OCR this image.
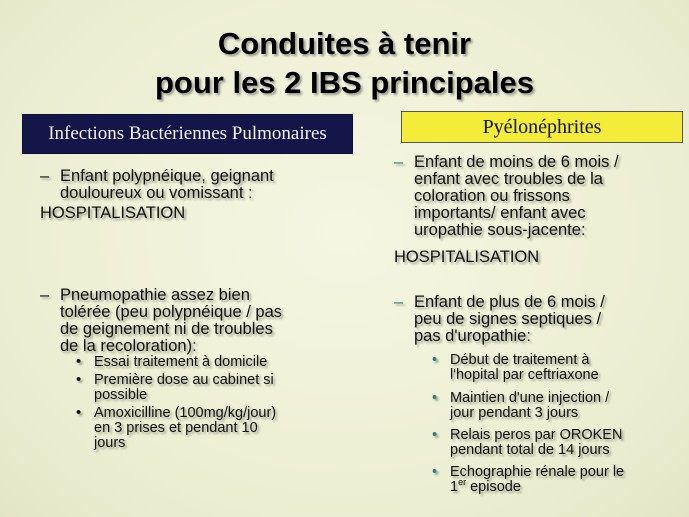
Conduites à tenir
pour les 2 IBS principales
Infections Bactériennes Pulmonaires
– Enfant polypnéique, geignant
douloureux ou vomissant :
HOSPITALISATION
– Pneumopathie assez bien
tolérée (peu polypnéique / pas
de geignement ni de troubles
de la recoloration):
• Essai traitement à domicile
• Première dose au cabinet si
possible
• Amoxicilline (100mg/kg/jour)
en 3 prises et pendant 10
jours
Pyélonéphrites
– Enfant de moins de 6 mois /
enfant avec troubles de la
coloration ou frissons
importants/ enfant avec
uropathie sous-jacente:
HOSPITALISATION
– Enfant de plus de 6 mois /
peu de signes septiques /
pas d'uropathie:
• Début de traitement à
l'hopital par ceftriaxone
• Maintien d'une injection /
jour pendant 3 jours
• Relais peros par OROKEN
pendant total de 14 jours
• Echographie rénale pour le
1er episode
